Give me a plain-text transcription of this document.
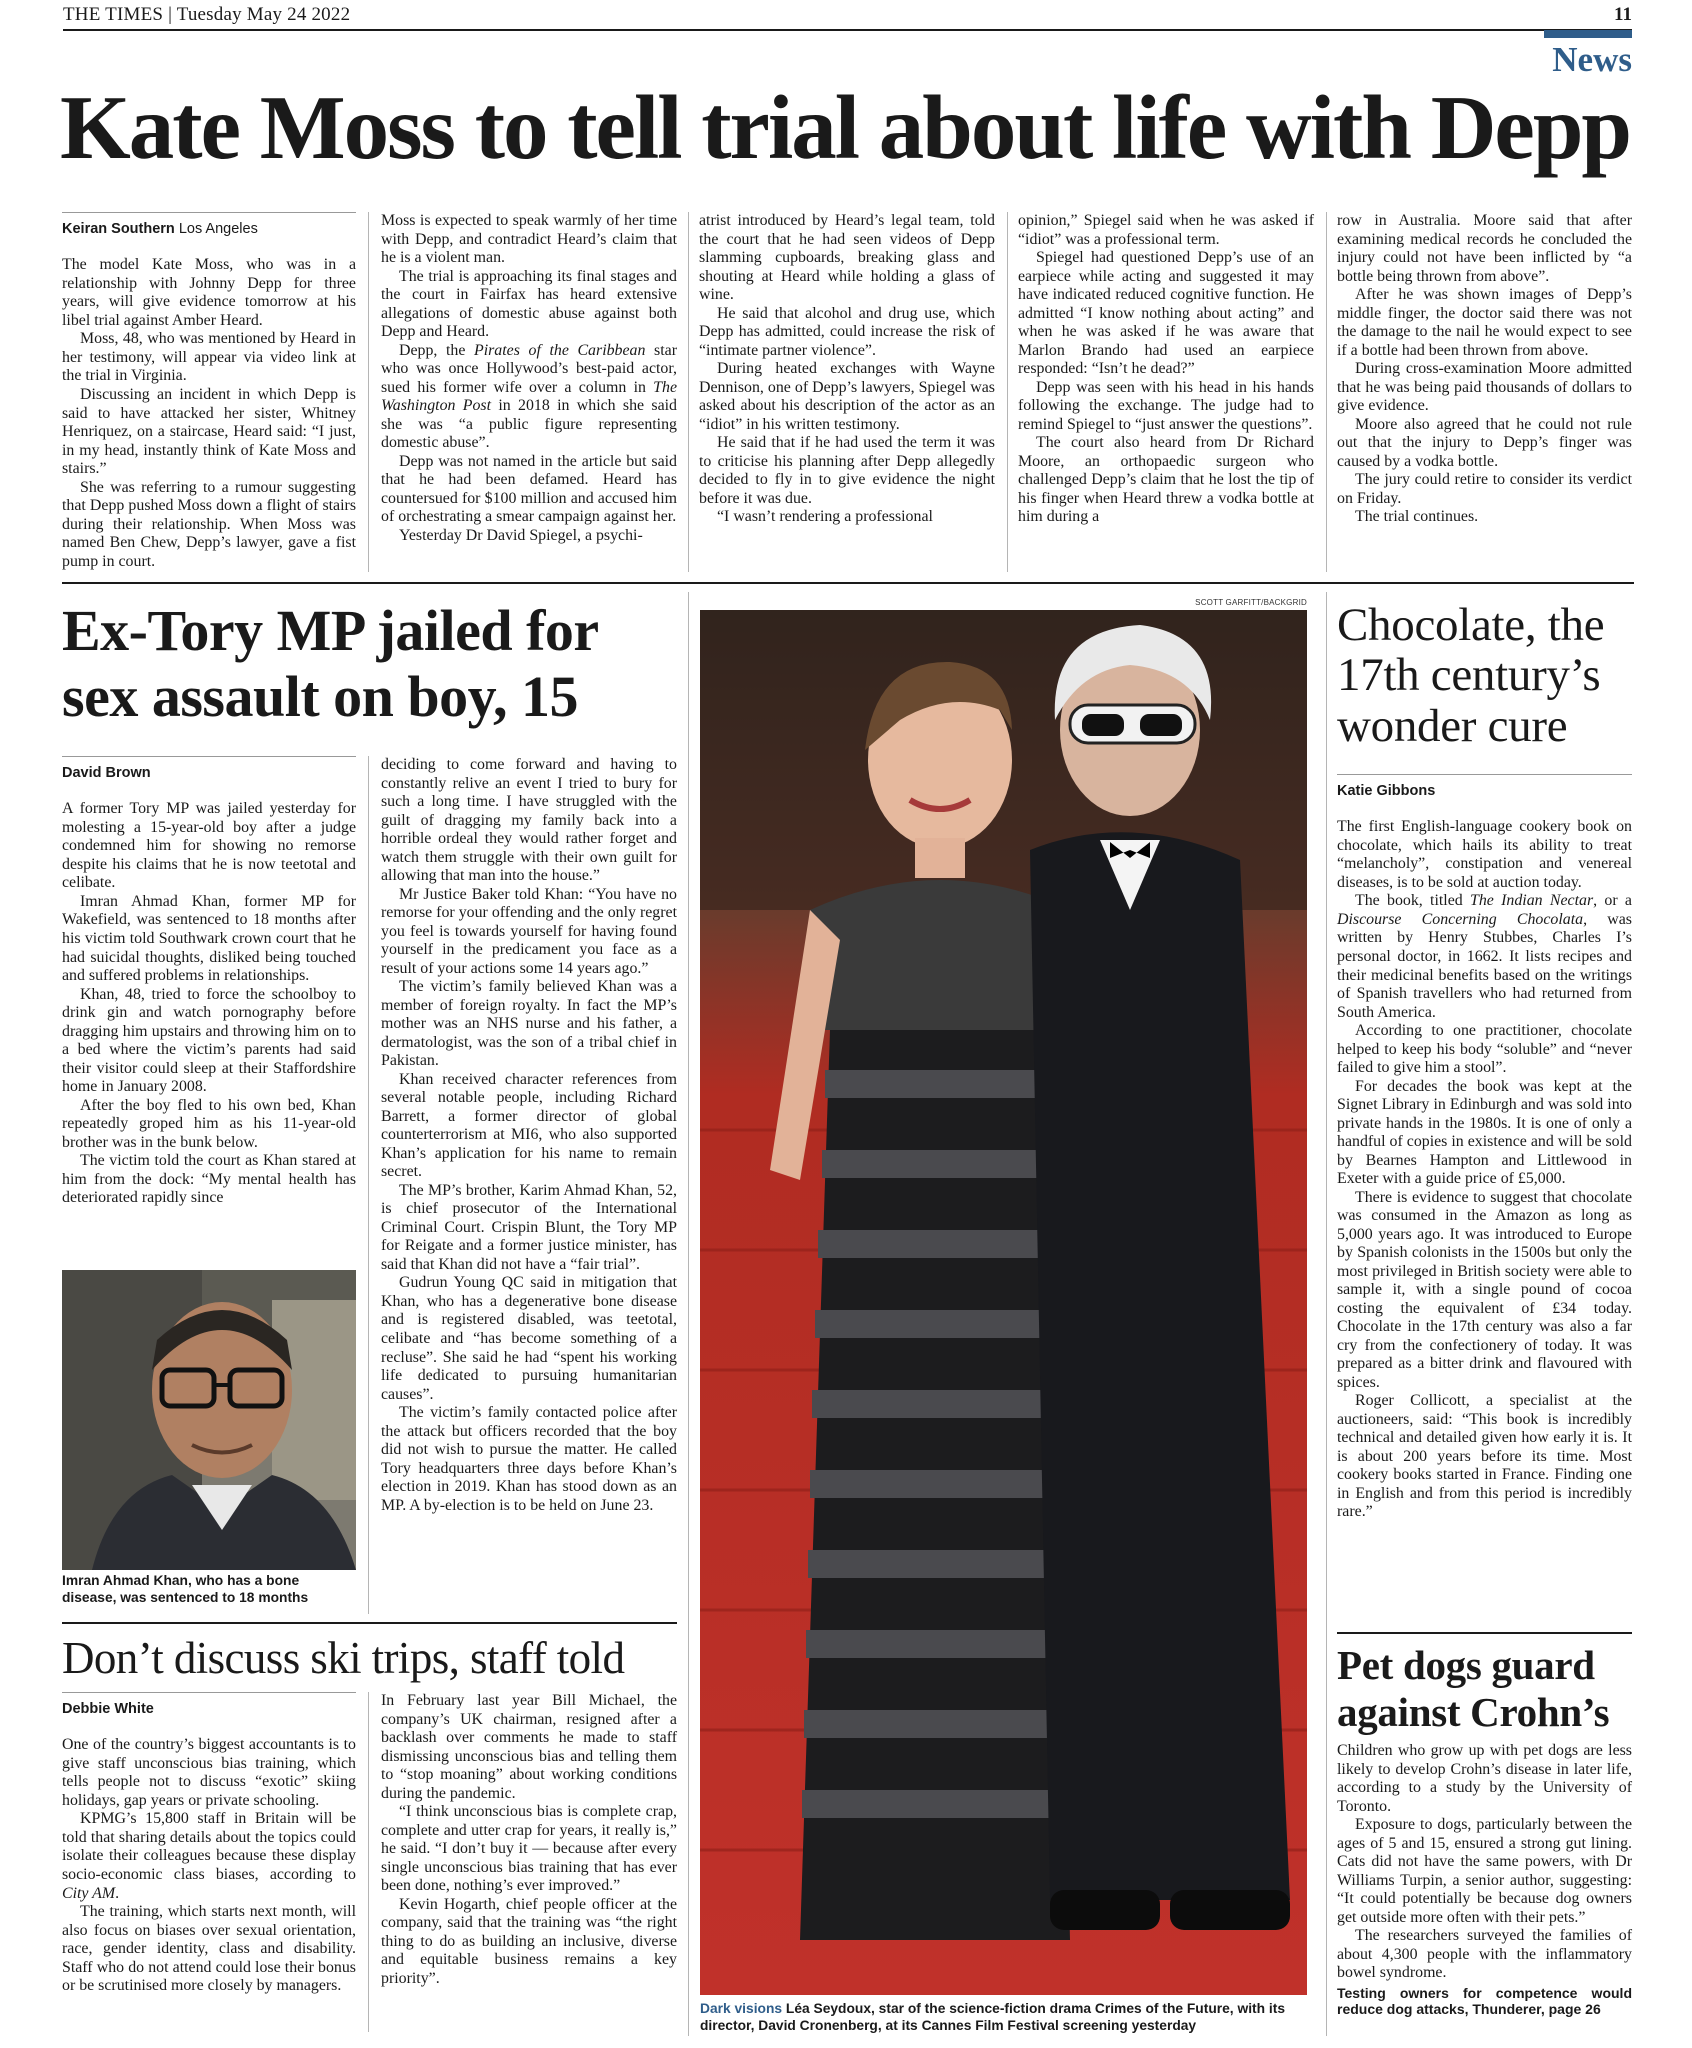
THE TIMES | Tuesday May 24 2022	11
News
Kate Moss to tell trial about life with Depp
Keiran Southern Los Angeles

The model Kate Moss, who was in a relationship with Johnny Depp for three years, will give evidence tomorrow at his libel trial against Amber Heard.

Moss, 48, who was mentioned by Heard in her testimony, will appear via video link at the trial in Virginia.

Discussing an incident in which Depp is said to have attacked her sister, Whitney Henriquez, on a staircase, Heard said: “I just, in my head, instantly think of Kate Moss and stairs.”

She was referring to a rumour suggesting that Depp pushed Moss down a flight of stairs during their relationship. When Moss was named Ben Chew, Depp’s lawyer, gave a fist pump in court.

Moss is expected to speak warmly of her time with Depp, and contradict Heard’s claim that he is a violent man.

The trial is approaching its final stages and the court in Fairfax has heard extensive allegations of domestic abuse against both Depp and Heard.

Depp, the Pirates of the Caribbean star who was once Hollywood’s best-paid actor, sued his former wife over a column in The Washington Post in 2018 in which she said she was “a public figure representing domestic abuse”.

Depp was not named in the article but said that he had been defamed. Heard has countersued for $100 million and accused him of orchestrating a smear campaign against her.

Yesterday Dr David Spiegel, a psychi-

atrist introduced by Heard’s legal team, told the court that he had seen videos of Depp slamming cupboards, breaking glass and shouting at Heard while holding a glass of wine.

He said that alcohol and drug use, which Depp has admitted, could increase the risk of “intimate partner violence”.

During heated exchanges with Wayne Dennison, one of Depp’s lawyers, Spiegel was asked about his description of the actor as an “idiot” in his written testimony.

He said that if he had used the term it was to criticise his planning after Depp allegedly decided to fly in to give evidence the night before it was due.

“I wasn’t rendering a professional

opinion,” Spiegel said when he was asked if “idiot” was a professional term.

Spiegel had questioned Depp’s use of an earpiece while acting and suggested it may have indicated reduced cognitive function. He admitted “I know nothing about acting” and when he was asked if he was aware that Marlon Brando had used an earpiece responded: “Isn’t he dead?”

Depp was seen with his head in his hands following the exchange. The judge had to remind Spiegel to “just answer the questions”.

The court also heard from Dr Richard Moore, an orthopaedic surgeon who challenged Depp’s claim that he lost the tip of his finger when Heard threw a vodka bottle at him during a

row in Australia. Moore said that after examining medical records he concluded the injury could not have been inflicted by “a bottle being thrown from above”.

After he was shown images of Depp’s middle finger, the doctor said there was not the damage to the nail he would expect to see if a bottle had been thrown from above.

During cross-examination Moore admitted that he was being paid thousands of dollars to give evidence.

Moore also agreed that he could not rule out that the injury to Depp’s finger was caused by a vodka bottle.

The jury could retire to consider its verdict on Friday.

The trial continues.

Ex-Tory MP jailed for sex assault on boy, 15
David Brown

A former Tory MP was jailed yesterday for molesting a 15-year-old boy after a judge condemned him for showing no remorse despite his claims that he is now teetotal and celibate.

Imran Ahmad Khan, former MP for Wakefield, was sentenced to 18 months after his victim told Southwark crown court that he had suicidal thoughts, disliked being touched and suffered problems in relationships.

Khan, 48, tried to force the schoolboy to drink gin and watch pornography before dragging him upstairs and throwing him on to a bed where the victim’s parents had said their visitor could sleep at their Staffordshire home in January 2008.

After the boy fled to his own bed, Khan repeatedly groped him as his 11-year-old brother was in the bunk below.

The victim told the court as Khan stared at him from the dock: “My mental health has deteriorated rapidly since

Imran Ahmad Khan, who has a bone disease, was sentenced to 18 months

deciding to come forward and having to constantly relive an event I tried to bury for such a long time. I have struggled with the guilt of dragging my family back into a horrible ordeal they would rather forget and watch them struggle with their own guilt for allowing that man into the house.”

Mr Justice Baker told Khan: “You have no remorse for your offending and the only regret you feel is towards yourself for having found yourself in the predicament you face as a result of your actions some 14 years ago.”

The victim’s family believed Khan was a member of foreign royalty. In fact the MP’s mother was an NHS nurse and his father, a dermatologist, was the son of a tribal chief in Pakistan.

Khan received character references from several notable people, including Richard Barrett, a former director of global counterterrorism at MI6, who also supported Khan’s application for his name to remain secret.

The MP’s brother, Karim Ahmad Khan, 52, is chief prosecutor of the International Criminal Court. Crispin Blunt, the Tory MP for Reigate and a former justice minister, has said that Khan did not have a “fair trial”.

Gudrun Young QC said in mitigation that Khan, who has a degenerative bone disease and is registered disabled, was teetotal, celibate and “has become something of a recluse”. She said he had “spent his working life dedicated to pursuing humanitarian causes”.

The victim’s family contacted police after the attack but officers recorded that the boy did not wish to pursue the matter. He called Tory headquarters three days before Khan’s election in 2019. Khan has stood down as an MP. A by-election is to be held on June 23.

Don’t discuss ski trips, staff told
Debbie White

One of the country’s biggest accountants is to give staff unconscious bias training, which tells people not to discuss “exotic” skiing holidays, gap years or private schooling.

KPMG’s 15,800 staff in Britain will be told that sharing details about the topics could isolate their colleagues because these display socio-economic class biases, according to City AM.

The training, which starts next month, will also focus on biases over sexual orientation, race, gender identity, class and disability. Staff who do not attend could lose their bonus or be scrutinised more closely by managers.

In February last year Bill Michael, the company’s UK chairman, resigned after a backlash over comments he made to staff dismissing unconscious bias and telling them to “stop moaning” about working conditions during the pandemic.

“I think unconscious bias is complete crap, complete and utter crap for years, it really is,” he said. “I don’t buy it — because after every single unconscious bias training that has ever been done, nothing’s ever improved.”

Kevin Hogarth, chief people officer at the company, said that the training was “the right thing to do as building an inclusive, diverse and equitable business remains a key priority”.

SCOTT GARFITT/BACKGRID
Dark visions Léa Seydoux, star of the science-fiction drama Crimes of the Future, with its director, David Cronenberg, at its Cannes Film Festival screening yesterday
Chocolate, the 17th century’s wonder cure
Katie Gibbons

The first English-language cookery book on chocolate, which hails its ability to treat “melancholy”, constipation and venereal diseases, is to be sold at auction today.

The book, titled The Indian Nectar, or a Discourse Concerning Chocolata, was written by Henry Stubbes, Charles I’s personal doctor, in 1662. It lists recipes and their medicinal benefits based on the writings of Spanish travellers who had returned from South America.

According to one practitioner, chocolate helped to keep his body “soluble” and “never failed to give him a stool”.

For decades the book was kept at the Signet Library in Edinburgh and was sold into private hands in the 1980s. It is one of only a handful of copies in existence and will be sold by Bearnes Hampton and Littlewood in Exeter with a guide price of £5,000.

There is evidence to suggest that chocolate was consumed in the Amazon as long as 5,000 years ago. It was introduced to Europe by Spanish colonists in the 1500s but only the most privileged in British society were able to sample it, with a single pound of cocoa costing the equivalent of £34 today. Chocolate in the 17th century was also a far cry from the confectionery of today. It was prepared as a bitter drink and flavoured with spices.

Roger Collicott, a specialist at the auctioneers, said: “This book is incredibly technical and detailed given how early it is. It is about 200 years before its time. Most cookery books started in France. Finding one in English and from this period is incredibly rare.”

Pet dogs guard against Crohn’s

Children who grow up with pet dogs are less likely to develop Crohn’s disease in later life, according to a study by the University of Toronto.

Exposure to dogs, particularly between the ages of 5 and 15, ensured a strong gut lining. Cats did not have the same powers, with Dr Williams Turpin, a senior author, suggesting: “It could potentially be because dog owners get outside more often with their pets.”

The researchers surveyed the families of about 4,300 people with the inflammatory bowel syndrome.

Testing owners for competence would reduce dog attacks, Thunderer, page 26
